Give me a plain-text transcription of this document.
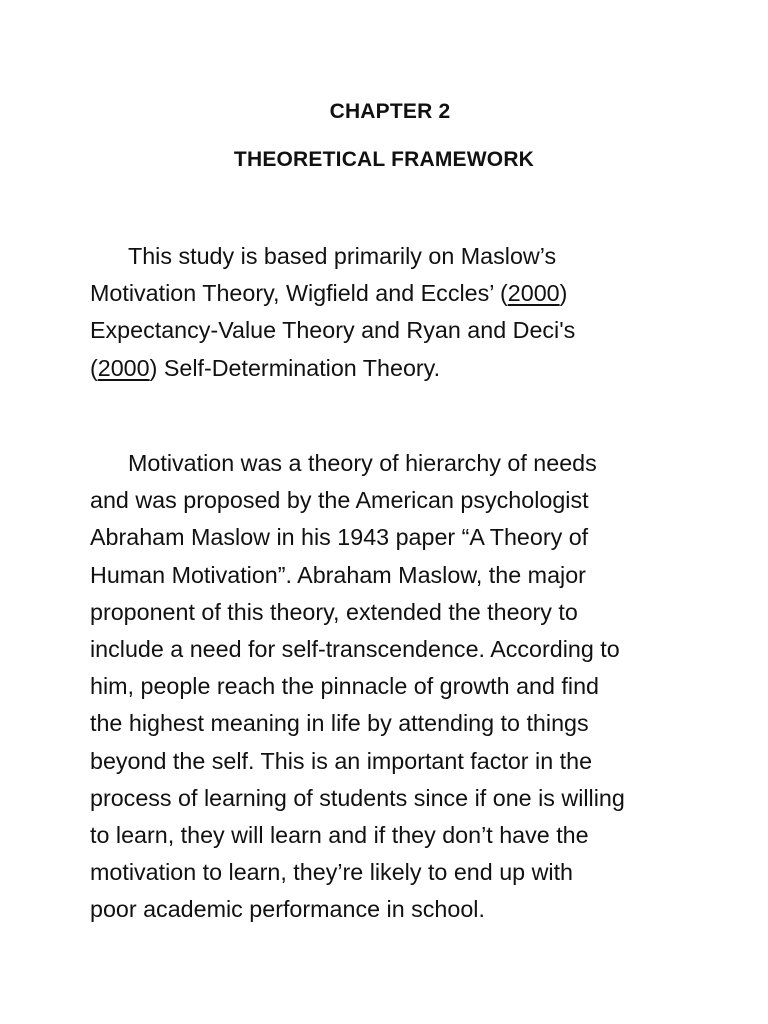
CHAPTER 2
THEORETICAL FRAMEWORK

This study is based primarily on Maslow’s
Motivation Theory, Wigfield and Eccles’ (2000)
Expectancy-Value Theory and Ryan and Deci's
(2000) Self-Determination Theory.

Motivation was a theory of hierarchy of needs
and was proposed by the American psychologist
Abraham Maslow in his 1943 paper “A Theory of
Human Motivation”. Abraham Maslow, the major
proponent of this theory, extended the theory to
include a need for self-transcendence. According to
him, people reach the pinnacle of growth and find
the highest meaning in life by attending to things
beyond the self. This is an important factor in the
process of learning of students since if one is willing
to learn, they will learn and if they don’t have the
motivation to learn, they’re likely to end up with
poor academic performance in school.
